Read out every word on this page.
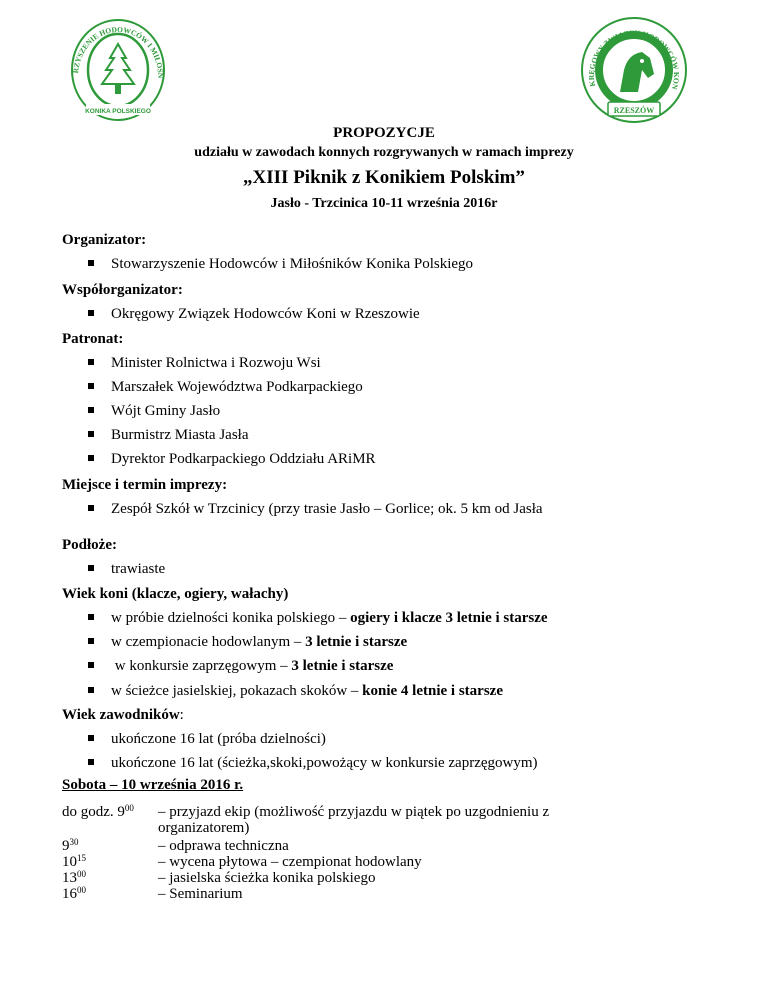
RZYSZENIE HODOWCÓW I MIŁOŚN
KONIKA POLSKIEGO
KRĘGOWY ZWIĄZEK HODOWCÓW KON
RZESZÓW
PROPOZYCJE
udziału w zawodach konnych rozgrywanych w ramach imprezy
„XIII Piknik z Konikiem Polskim”
Jasło - Trzcinica 10-11 września 2016r
Organizator:
Stowarzyszenie Hodowców i Miłośników Konika Polskiego
Współorganizator:
Okręgowy Związek Hodowców Koni w Rzeszowie
Patronat:
Minister Rolnictwa i Rozwoju Wsi
Marszałek Województwa Podkarpackiego
Wójt Gminy Jasło
Burmistrz Miasta Jasła
Dyrektor Podkarpackiego Oddziału ARiMR
Miejsce i termin imprezy:
Zespół Szkół w Trzcinicy (przy trasie Jasło – Gorlice; ok. 5 km od Jasła
Podłoże:
trawiaste
Wiek koni (klacze, ogiery, wałachy)
w próbie dzielności konika polskiego – ogiery i klacze 3 letnie i starsze
w czempionacie hodowlanym – 3 letnie i starsze
w konkursie zaprzęgowym – 3 letnie i starsze
w ścieżce jasielskiej, pokazach skoków – konie 4 letnie i starsze
Wiek zawodników:
ukończone 16 lat (próba dzielności)
ukończone 16 lat (ścieżka,skoki,powożący w konkursie zaprzęgowym)
Sobota – 10 września 2016 r.
do godz. $9^{00}$ – przyjazd ekip (możliwość przyjazdu w piątek po uzgodnieniu z
organizatorem)
$9^{30}$	– odprawa techniczna
$10^{15}$	– wycena płytowa – czempionat hodowlany
$13^{00}$	– jasielska ścieżka konika polskiego
$16^{00}$	– Seminarium
